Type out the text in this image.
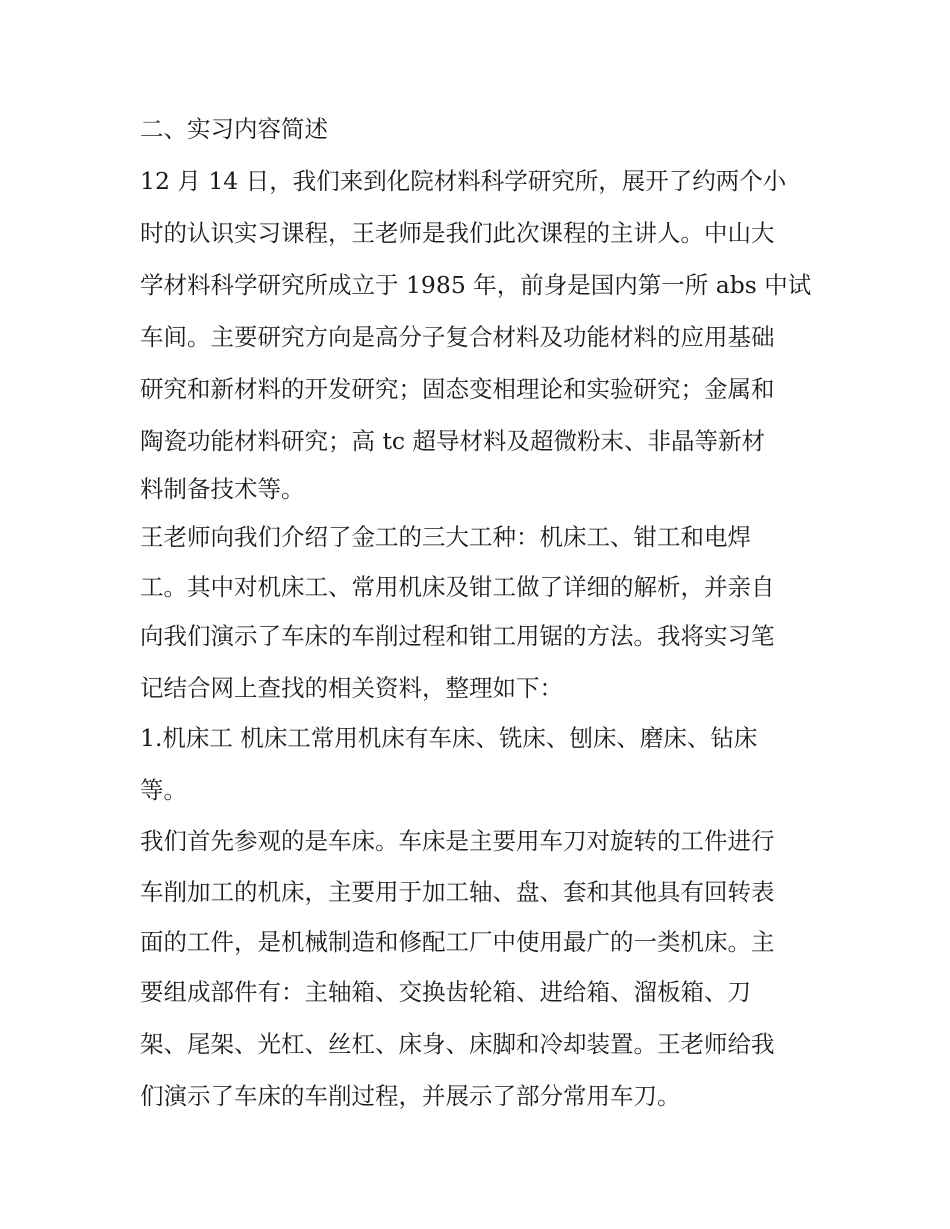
二、实习内容简述
12 月 14 日，我们来到化院材料科学研究所，展开了约两个小
时的认识实习课程，王老师是我们此次课程的主讲人。中山大
学材料科学研究所成立于 1985 年，前身是国内第一所 abs 中试
车间。主要研究方向是高分子复合材料及功能材料的应用基础
研究和新材料的开发研究；固态变相理论和实验研究；金属和
陶瓷功能材料研究；高 tc 超导材料及超微粉末、非晶等新材
料制备技术等。
王老师向我们介绍了金工的三大工种：机床工、钳工和电焊
工。其中对机床工、常用机床及钳工做了详细的解析，并亲自
向我们演示了车床的车削过程和钳工用锯的方法。我将实习笔
记结合网上查找的相关资料，整理如下：
1.机床工 机床工常用机床有车床、铣床、刨床、磨床、钻床
等。
我们首先参观的是车床。车床是主要用车刀对旋转的工件进行
车削加工的机床，主要用于加工轴、盘、套和其他具有回转表
面的工件，是机械制造和修配工厂中使用最广的一类机床。主
要组成部件有：主轴箱、交换齿轮箱、进给箱、溜板箱、刀
架、尾架、光杠、丝杠、床身、床脚和冷却装置。王老师给我
们演示了车床的车削过程，并展示了部分常用车刀。
